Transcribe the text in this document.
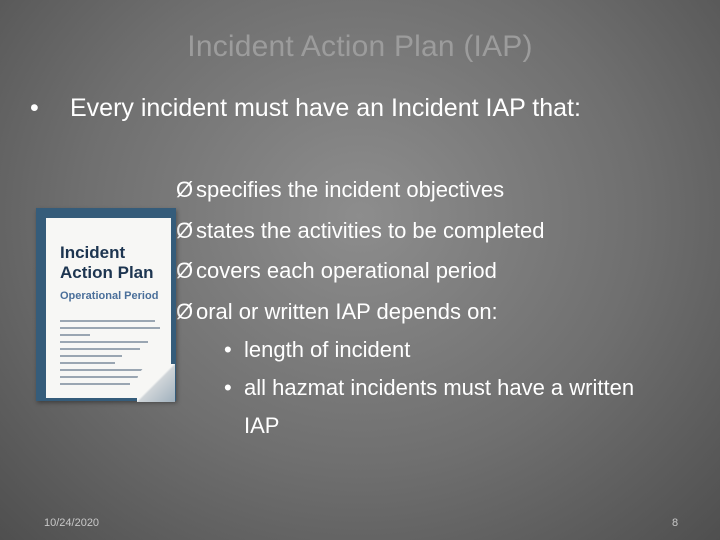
Incident Action Plan (IAP)
•	Every incident must have an Incident IAP that:
Ø specifies the incident objectives
Ø states the activities to be completed
Ø covers each operational period
Ø oral or written IAP depends on:
• length of incident
• all hazmat incidents must have a written IAP
Incident Action Plan
Operational Period
10/24/2020	8
